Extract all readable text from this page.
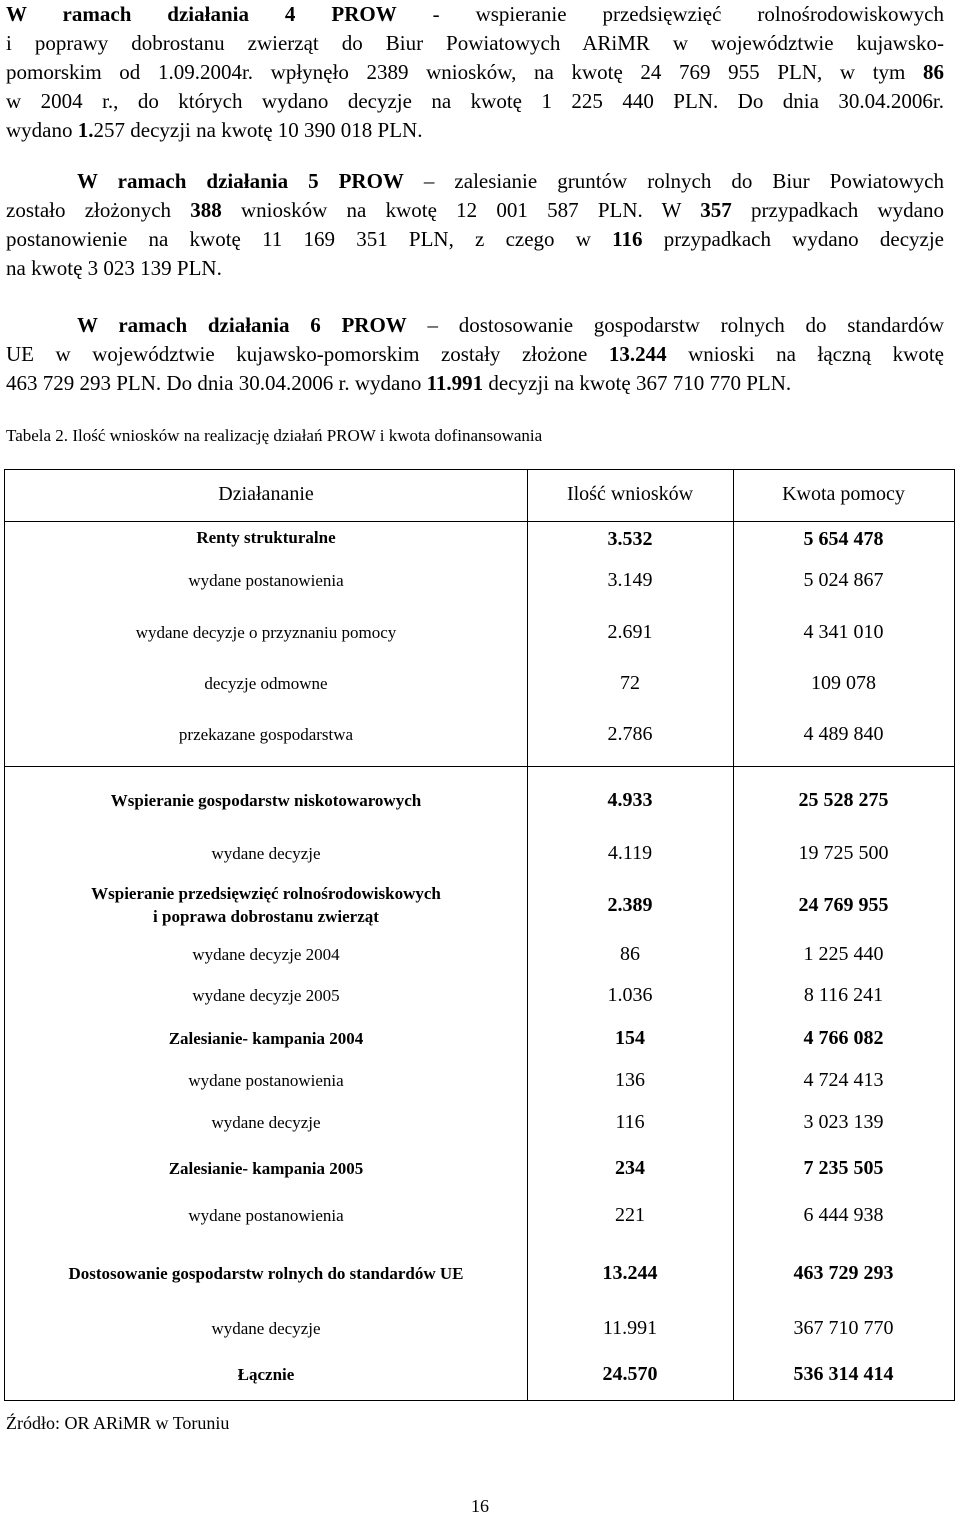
W ramach działania 4 PROW - wspieranie przedsięwzięć rolnośrodowiskowych
i poprawy dobrostanu zwierząt do Biur Powiatowych ARiMR w województwie kujawsko-
pomorskim od 1.09.2004r. wpłynęło 2389 wniosków, na kwotę 24 769 955 PLN, w tym 86
w 2004 r., do których wydano decyzje na kwotę 1 225 440 PLN. Do dnia 30.04.2006r.
wydano 1.257 decyzji na kwotę 10 390 018 PLN.
W ramach działania 5 PROW – zalesianie gruntów rolnych do Biur Powiatowych
zostało złożonych 388 wniosków na kwotę 12 001 587 PLN. W 357 przypadkach wydano
postanowienie na kwotę 11 169 351 PLN, z czego w 116 przypadkach wydano decyzje
na kwotę 3 023 139 PLN.
W ramach działania 6 PROW – dostosowanie gospodarstw rolnych do standardów
UE w województwie kujawsko-pomorskim zostały złożone 13.244 wnioski na łączną kwotę
463 729 293 PLN. Do dnia 30.04.2006 r. wydano 11.991 decyzji na kwotę 367 710 770 PLN.
Tabela 2. Ilość wniosków na realizację działań PROW i kwota dofinansowania
Działananie	Ilość wniosków	Kwota pomocy
Renty strukturalne	3.532	5 654 478
wydane postanowienia	3.149	5 024 867
wydane decyzje o przyznaniu pomocy	2.691	4 341 010
decyzje odmowne	72	109 078
przekazane gospodarstwa	2.786	4 489 840
Wspieranie gospodarstw niskotowarowych	4.933	25 528 275
wydane decyzje	4.119	19 725 500
Wspieranie przedsięwzięć rolnośrodowiskowych
i poprawa dobrostanu zwierząt
2.389	24 769 955
wydane decyzje 2004	86	1 225 440
wydane decyzje 2005	1.036	8 116 241
Zalesianie- kampania 2004	154	4 766 082
wydane postanowienia	136	4 724 413
wydane decyzje	116	3 023 139
Zalesianie- kampania 2005	234	7 235 505
wydane postanowienia	221	6 444 938
Dostosowanie gospodarstw rolnych do standardów UE	13.244	463 729 293
wydane decyzje	11.991	367 710 770
Łącznie	24.570	536 314 414
Źródło: OR ARiMR w Toruniu
16
